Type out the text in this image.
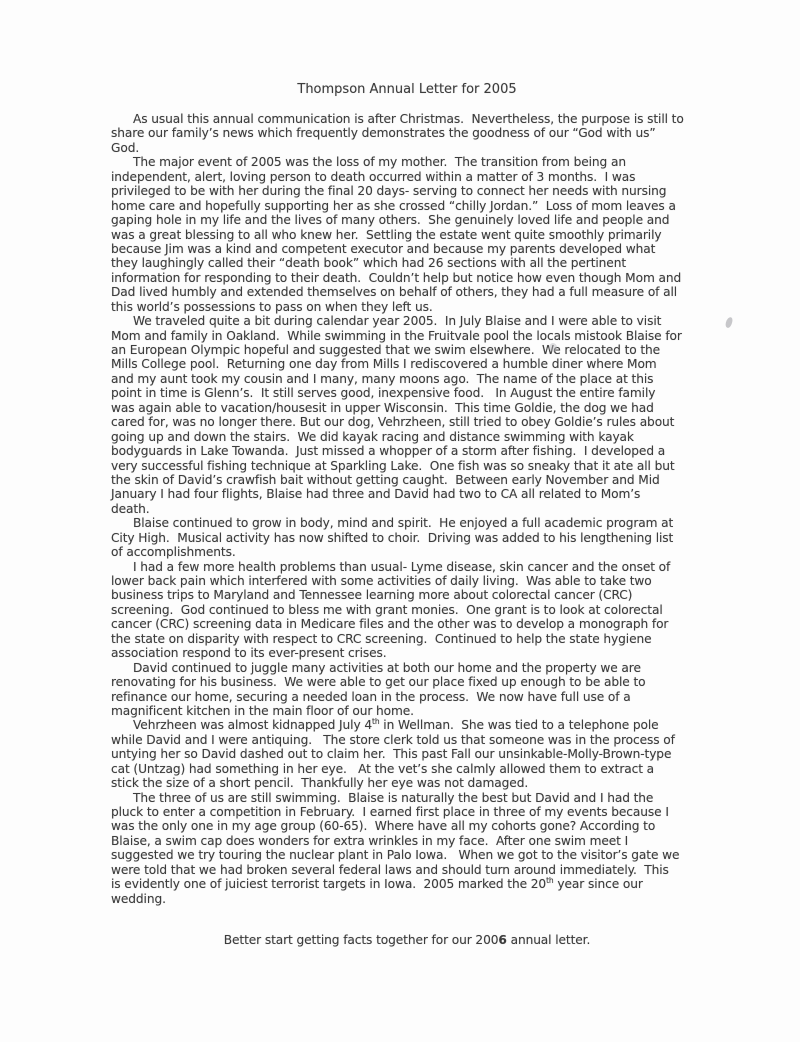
Thompson Annual Letter for 2005
As usual this annual communication is after Christmas.  Nevertheless, the purpose is still to
share our family’s news which frequently demonstrates the goodness of our “God with us”
God.
The major event of 2005 was the loss of my mother.  The transition from being an
independent, alert, loving person to death occurred within a matter of 3 months.  I was
privileged to be with her during the final 20 days- serving to connect her needs with nursing
home care and hopefully supporting her as she crossed “chilly Jordan.”  Loss of mom leaves a
gaping hole in my life and the lives of many others.  She genuinely loved life and people and
was a great blessing to all who knew her.  Settling the estate went quite smoothly primarily
because Jim was a kind and competent executor and because my parents developed what
they laughingly called their “death book” which had 26 sections with all the pertinent
information for responding to their death.  Couldn’t help but notice how even though Mom and
Dad lived humbly and extended themselves on behalf of others, they had a full measure of all
this world’s possessions to pass on when they left us.
We traveled quite a bit during calendar year 2005.  In July Blaise and I were able to visit
Mom and family in Oakland.  While swimming in the Fruitvale pool the locals mistook Blaise for
an European Olympic hopeful and suggested that we swim elsewhere.  We relocated to the
Mills College pool.  Returning one day from Mills I rediscovered a humble diner where Mom
and my aunt took my cousin and I many, many moons ago.  The name of the place at this
point in time is Glenn’s.  It still serves good, inexpensive food.   In August the entire family
was again able to vacation/housesit in upper Wisconsin.  This time Goldie, the dog we had
cared for, was no longer there. But our dog, Vehrzheen, still tried to obey Goldie’s rules about
going up and down the stairs.  We did kayak racing and distance swimming with kayak
bodyguards in Lake Towanda.  Just missed a whopper of a storm after fishing.  I developed a
very successful fishing technique at Sparkling Lake.  One fish was so sneaky that it ate all but
the skin of David’s crawfish bait without getting caught.  Between early November and Mid
January I had four flights, Blaise had three and David had two to CA all related to Mom’s
death.
Blaise continued to grow in body, mind and spirit.  He enjoyed a full academic program at
City High.  Musical activity has now shifted to choir.  Driving was added to his lengthening list
of accomplishments.
I had a few more health problems than usual- Lyme disease, skin cancer and the onset of
lower back pain which interfered with some activities of daily living.  Was able to take two
business trips to Maryland and Tennessee learning more about colorectal cancer (CRC)
screening.  God continued to bless me with grant monies.  One grant is to look at colorectal
cancer (CRC) screening data in Medicare files and the other was to develop a monograph for
the state on disparity with respect to CRC screening.  Continued to help the state hygiene
association respond to its ever-present crises.
David continued to juggle many activities at both our home and the property we are
renovating for his business.  We were able to get our place fixed up enough to be able to
refinance our home, securing a needed loan in the process.  We now have full use of a
magnificent kitchen in the main floor of our home.
Vehrzheen was almost kidnapped July 4th in Wellman.  She was tied to a telephone pole
while David and I were antiquing.   The store clerk told us that someone was in the process of
untying her so David dashed out to claim her.  This past Fall our unsinkable-Molly-Brown-type
cat (Untzag) had something in her eye.   At the vet’s she calmly allowed them to extract a
stick the size of a short pencil.  Thankfully her eye was not damaged.
The three of us are still swimming.  Blaise is naturally the best but David and I had the
pluck to enter a competition in February.  I earned first place in three of my events because I
was the only one in my age group (60-65).  Where have all my cohorts gone? According to
Blaise, a swim cap does wonders for extra wrinkles in my face.  After one swim meet I
suggested we try touring the nuclear plant in Palo Iowa.   When we got to the visitor’s gate we
were told that we had broken several federal laws and should turn around immediately.  This
is evidently one of juiciest terrorist targets in Iowa.  2005 marked the 20th year since our
wedding.
Better start getting facts together for our 2006 annual letter.
